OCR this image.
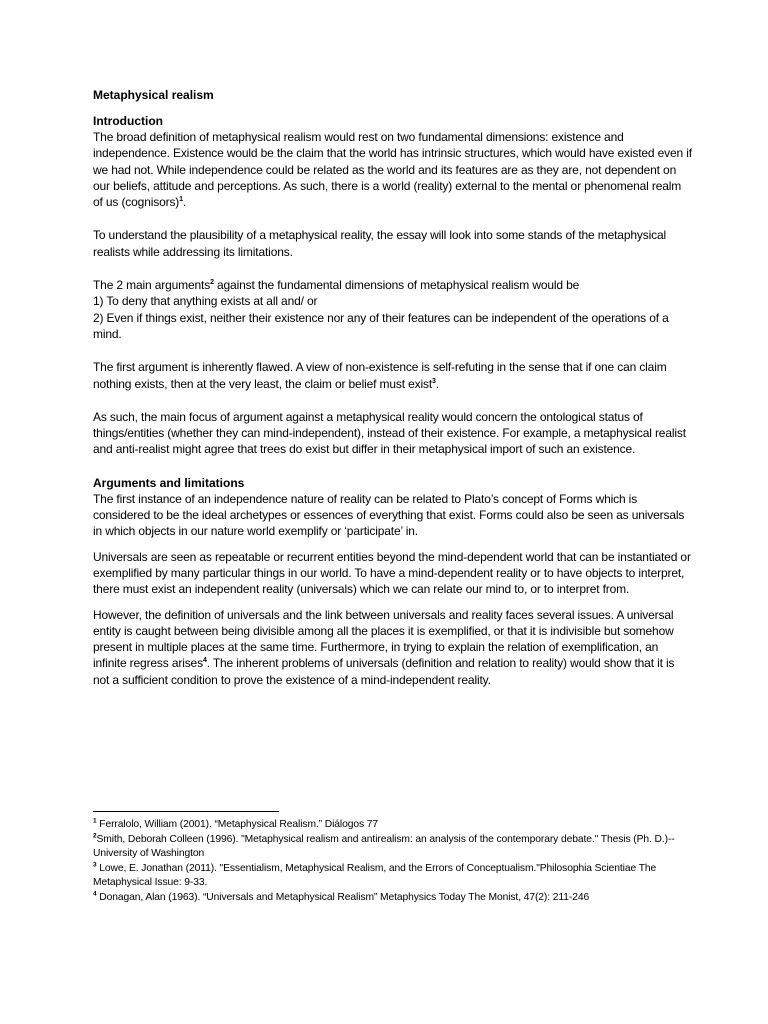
Metaphysical realism
Introduction

The broad definition of metaphysical realism would rest on two fundamental dimensions: existence and independence. Existence would be the claim that the world has intrinsic structures, which would have existed even if we had not. While independence could be related as the world and its features are as they are, not dependent on our beliefs, attitude and perceptions. As such, there is a world (reality) external to the mental or phenomenal realm of us (cognisors)$^1$.

To understand the plausibility of a metaphysical reality, the essay will look into some stands of the metaphysical realists while addressing its limitations.

The 2 main arguments$^2$ against the fundamental dimensions of metaphysical realism would be
1) To deny that anything exists at all and/ or

2) Even if things exist, neither their existence nor any of their features can be independent of the operations of a mind.

The first argument is inherently flawed. A view of non-existence is self-refuting in the sense that if one can claim nothing exists, then at the very least, the claim or belief must exist$^3$.

As such, the main focus of argument against a metaphysical reality would concern the ontological status of things/entities (whether they can mind-independent), instead of their existence. For example, a metaphysical realist and anti-realist might agree that trees do exist but differ in their metaphysical import of such an existence.

Arguments and limitations

The first instance of an independence nature of reality can be related to Plato’s concept of Forms which is considered to be the ideal archetypes or essences of everything that exist. Forms could also be seen as universals in which objects in our nature world exemplify or ‘participate’ in.

Universals are seen as repeatable or recurrent entities beyond the mind-dependent world that can be instantiated or exemplified by many particular things in our world. To have a mind-dependent reality or to have objects to interpret, there must exist an independent reality (universals) which we can relate our mind to, or to interpret from.

However, the definition of universals and the link between universals and reality faces several issues. A universal entity is caught between being divisible among all the places it is exemplified, or that it is indivisible but somehow present in multiple places at the same time. Furthermore, in trying to explain the relation of exemplification, an infinite regress arises$^4$. The inherent problems of universals (definition and relation to reality) would show that it is not a sufficient condition to prove the existence of a mind-independent reality.

$^1$ Ferralolo, William (2001). “Metaphysical Realism.” Diálogos 77
$^2$Smith, Deborah Colleen (1996). "Metaphysical realism and antirealism: an analysis of the contemporary debate." Thesis (Ph. D.)--University of Washington
$^3$ Lowe, E. Jonathan (2011). "Essentialism, Metaphysical Realism, and the Errors of Conceptualism."Philosophia Scientiae The Metaphysical Issue: 9-33.
$^4$ Donagan, Alan (1963). “Universals and Metaphysical Realism” Metaphysics Today The Monist, 47(2): 211-246
